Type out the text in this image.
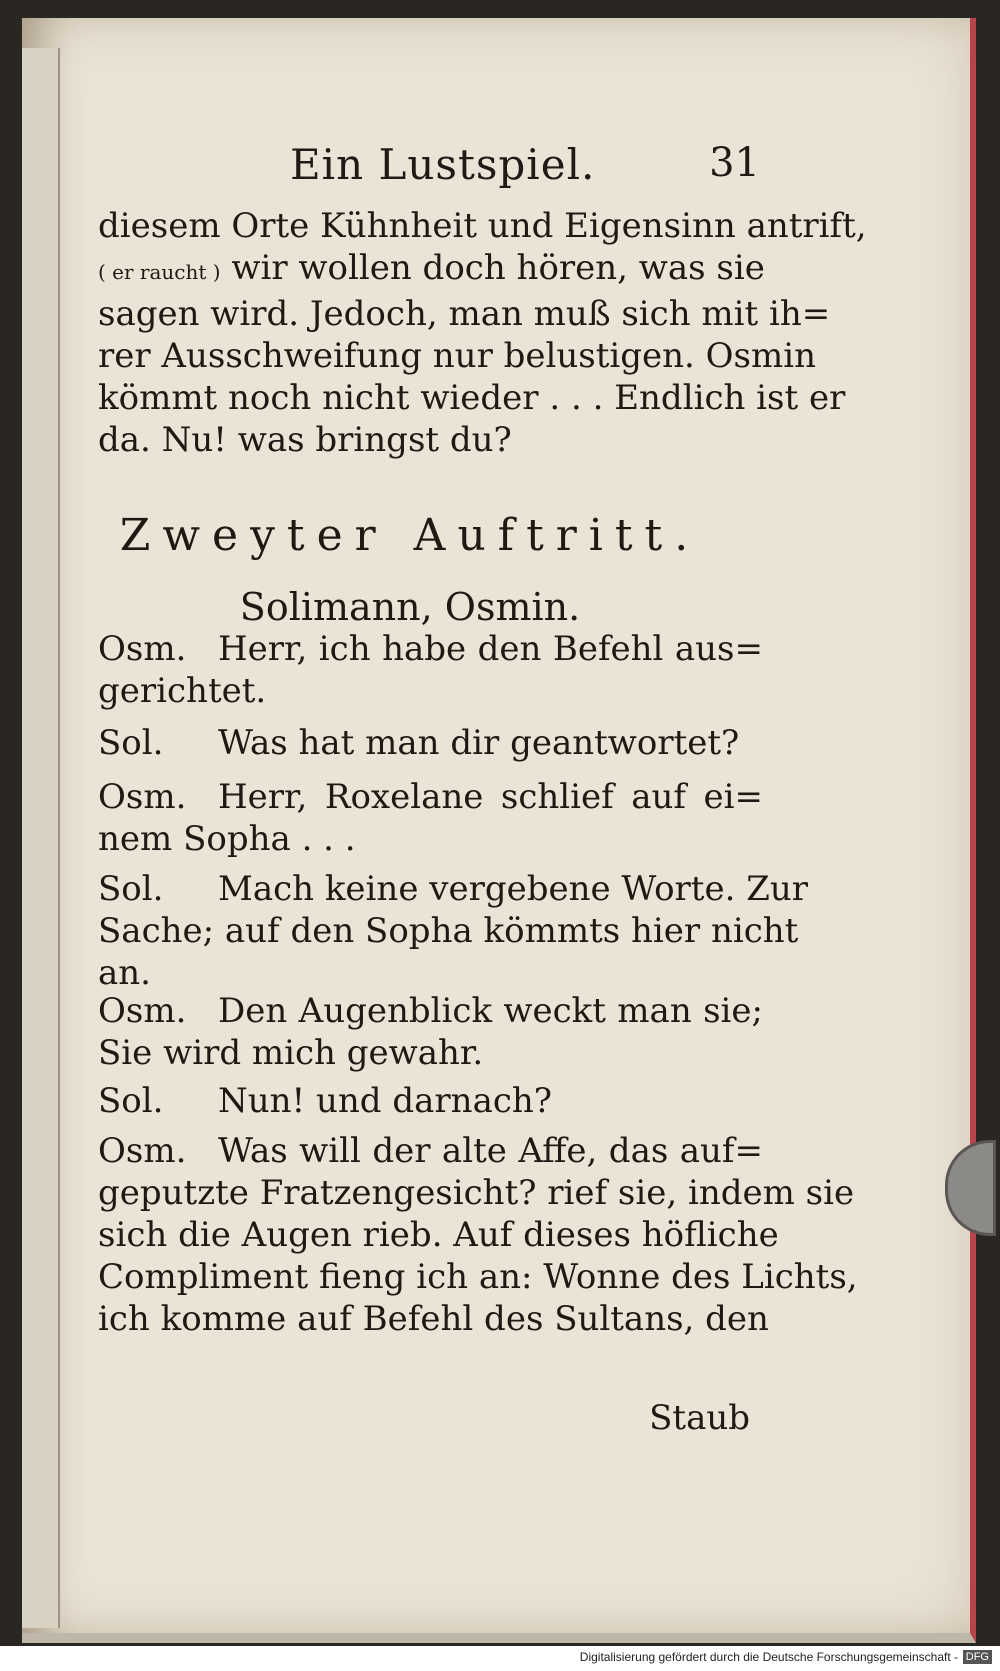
Ein Lustspiel.	31
diesem Orte Kühnheit und Eigensinn antrift,
( er raucht ) wir wollen doch hören, was sie
sagen wird. Jedoch, man muß sich mit ih=
rer Ausschweifung nur belustigen. Osmin
kömmt noch nicht wieder . . . Endlich ist er
da. Nu! was bringst du?
Zweyter Auftritt.
Solimann, Osmin.
Osm. Herr, ich habe den Befehl aus=
gerichtet.
Sol. Was hat man dir geantwortet?
Osm. Herr, Roxelane schlief auf ei=
nem Sopha . . .
Sol. Mach keine vergebene Worte. Zur
Sache; auf den Sopha kömmts hier nicht
an.
Osm. Den Augenblick weckt man sie;
Sie wird mich gewahr.
Sol. Nun! und darnach?
Osm. Was will der alte Affe, das auf=
geputzte Fratzengesicht? rief sie, indem sie
sich die Augen rieb. Auf dieses höfliche
Compliment fieng ich an: Wonne des Lichts,
ich komme auf Befehl des Sultans, den
Staub
Digitalisierung gefördert durch die Deutsche Forschungsgemeinschaft - DFG
